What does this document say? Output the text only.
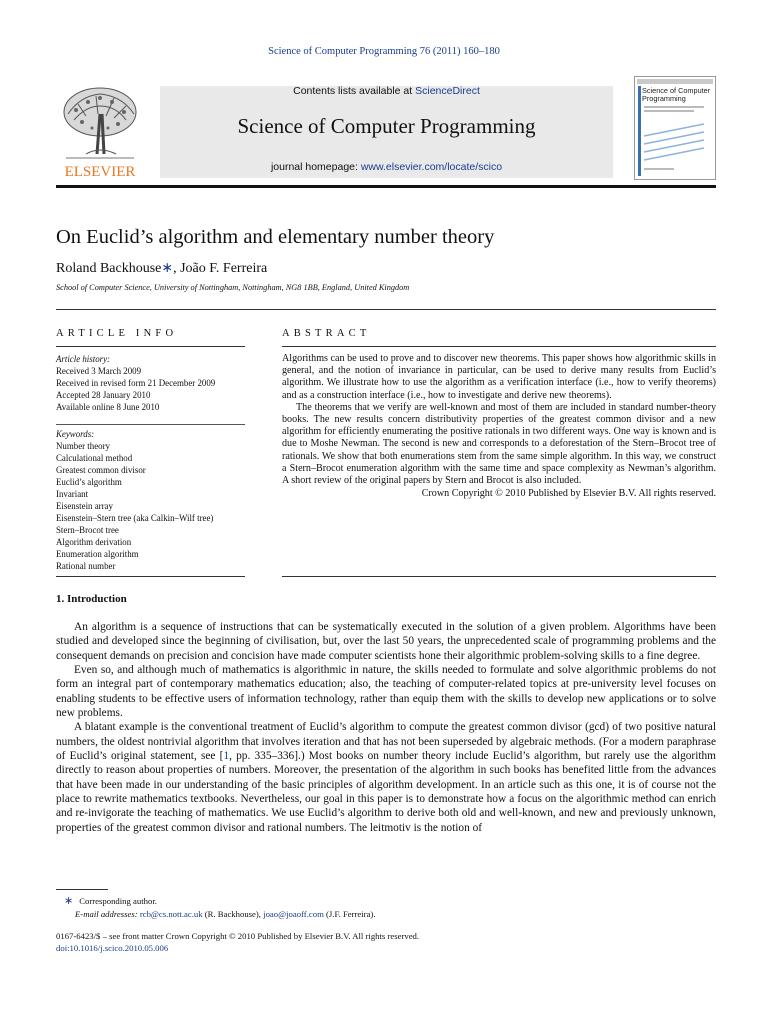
Science of Computer Programming 76 (2011) 160–180
Contents lists available at ScienceDirect
Science of Computer Programming
journal homepage: www.elsevier.com/locate/scico
ELSEVIER
Science of Computer
Programming
On Euclid’s algorithm and elementary number theory
Roland Backhouse∗, João F. Ferreira
School of Computer Science, University of Nottingham, Nottingham, NG8 1BB, England, United Kingdom
ARTICLE INFO	ABSTRACT
Article history:
Received 3 March 2009
Received in revised form 21 December 2009
Accepted 28 January 2010
Available online 8 June 2010
Keywords:
Number theory
Calculational method
Greatest common divisor
Euclid’s algorithm
Invariant
Eisenstein array
Eisenstein–Stern tree (aka Calkin–Wilf tree)
Stern–Brocot tree
Algorithm derivation
Enumeration algorithm
Rational number

Algorithms can be used to prove and to discover new theorems. This paper shows how algorithmic skills in general, and the notion of invariance in particular, can be used to derive many results from Euclid’s algorithm. We illustrate how to use the algorithm as a verification interface (i.e., how to verify theorems) and as a construction interface (i.e., how to investigate and derive new theorems).

The theorems that we verify are well-known and most of them are included in standard number-theory books. The new results concern distributivity properties of the greatest common divisor and a new algorithm for efficiently enumerating the positive rationals in two different ways. One way is known and is due to Moshe Newman. The second is new and corresponds to a deforestation of the Stern–Brocot tree of rationals. We show that both enumerations stem from the same simple algorithm. In this way, we construct a Stern–Brocot enumeration algorithm with the same time and space complexity as Newman’s algorithm. A short review of the original papers by Stern and Brocot is also included.

Crown Copyright © 2010 Published by Elsevier B.V. All rights reserved.
1. Introduction

An algorithm is a sequence of instructions that can be systematically executed in the solution of a given problem. Algorithms have been studied and developed since the beginning of civilisation, but, over the last 50 years, the unprecedented scale of programming problems and the consequent demands on precision and concision have made computer scientists hone their algorithmic problem-solving skills to a fine degree.

Even so, and although much of mathematics is algorithmic in nature, the skills needed to formulate and solve algorithmic problems do not form an integral part of contemporary mathematics education; also, the teaching of computer-related topics at pre-university level focuses on enabling students to be effective users of information technology, rather than equip them with the skills to develop new applications or to solve new problems.

A blatant example is the conventional treatment of Euclid’s algorithm to compute the greatest common divisor (gcd) of two positive natural numbers, the oldest nontrivial algorithm that involves iteration and that has not been superseded by algebraic methods. (For a modern paraphrase of Euclid’s original statement, see [1, pp. 335–336].) Most books on number theory include Euclid’s algorithm, but rarely use the algorithm directly to reason about properties of numbers. Moreover, the presentation of the algorithm in such books has benefited little from the advances that have been made in our understanding of the basic principles of algorithm development. In an article such as this one, it is of course not the place to rewrite mathematics textbooks. Nevertheless, our goal in this paper is to demonstrate how a focus on the algorithmic method can enrich and re-invigorate the teaching of mathematics. We use Euclid’s algorithm to derive both old and well-known, and new and previously unknown, properties of the greatest common divisor and rational numbers. The leitmotiv is the notion of

∗ Corresponding author.
E-mail addresses: rcb@cs.nott.ac.uk (R. Backhouse), joao@joaoff.com (J.F. Ferreira).
0167-6423/$ – see front matter Crown Copyright © 2010 Published by Elsevier B.V. All rights reserved.
doi:10.1016/j.scico.2010.05.006
